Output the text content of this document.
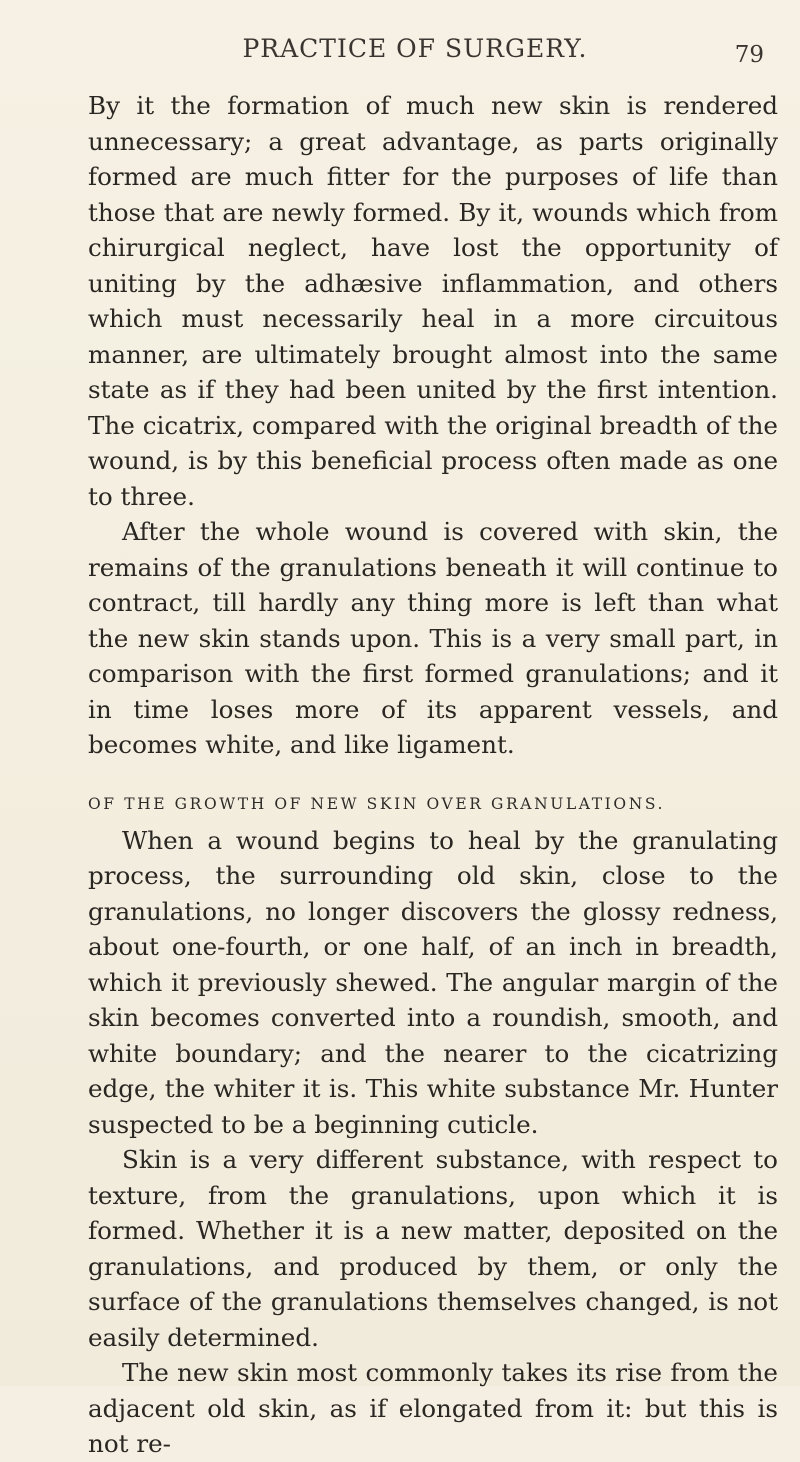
PRACTICE OF SURGERY.	79

By it the formation of much new skin is rendered unnecessary; a great advantage, as parts originally formed are much fitter for the purposes of life than those that are newly formed. By it, wounds which from chirurgical neglect, have lost the opportunity of uniting by the adhæsive inflammation, and others which must necessarily heal in a more circuitous manner, are ultimately brought almost into the same state as if they had been united by the first intention. The cicatrix, compared with the original breadth of the wound, is by this beneficial process often made as one to three.

After the whole wound is covered with skin, the remains of the granulations beneath it will continue to contract, till hardly any thing more is left than what the new skin stands upon. This is a very small part, in comparison with the first formed granulations; and it in time loses more of its apparent vessels, and becomes white, and like ligament.

OF THE GROWTH OF NEW SKIN OVER GRANULATIONS.

When a wound begins to heal by the granulating process, the surrounding old skin, close to the granulations, no longer discovers the glossy redness, about one-fourth, or one half, of an inch in breadth, which it previously shewed. The angular margin of the skin becomes converted into a roundish, smooth, and white boundary; and the nearer to the cicatrizing edge, the whiter it is. This white substance Mr. Hunter suspected to be a beginning cuticle.

Skin is a very different substance, with respect to texture, from the granulations, upon which it is formed. Whether it is a new matter, deposited on the granulations, and produced by them, or only the surface of the granulations themselves changed, is not easily determined.

The new skin most commonly takes its rise from the adjacent old skin, as if elongated from it: but this is not re-
